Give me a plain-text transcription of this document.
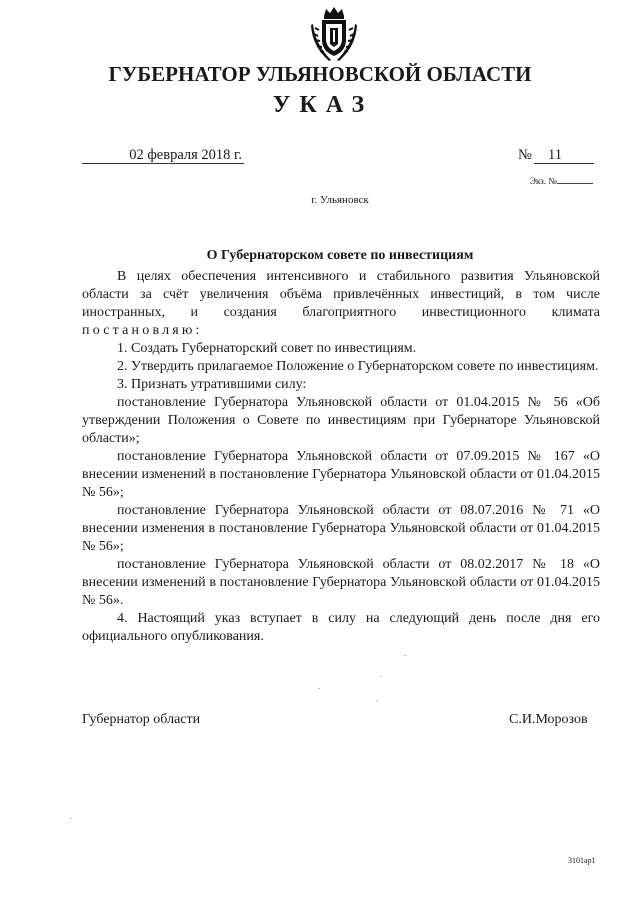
ГУБЕРНАТОР УЛЬЯНОВСКОЙ ОБЛАСТИ
УКАЗ
02 февраля 2018 г.	№ 11
Экз. №
г. Ульяновск
О Губернаторском совете по инвестициям

В целях обеспечения интенсивного и стабильного развития Ульяновской области за счёт увеличения объёма привлечённых инвестиций, в том числе иностранных, и создания благоприятного инвестиционного климата

постановляю:

1. Создать Губернаторский совет по инвестициям.

2. Утвердить прилагаемое Положение о Губернаторском совете по инвестициям.

3. Признать утратившими силу:

постановление Губернатора Ульяновской области от 01.04.2015 № 56 «Об утверждении Положения о Совете по инвестициям при Губернаторе Ульяновской области»;

постановление Губернатора Ульяновской области от 07.09.2015 № 167 «О внесении изменений в постановление Губернатора Ульяновской области от 01.04.2015 № 56»;

постановление Губернатора Ульяновской области от 08.07.2016 № 71 «О внесении изменения в постановление Губернатора Ульяновской области от 01.04.2015 № 56»;

постановление Губернатора Ульяновской области от 08.02.2017 № 18 «О внесении изменений в постановление Губернатора Ульяновской области от 01.04.2015 № 56».

4. Настоящий указ вступает в силу на следующий день после дня его официального опубликования.

Губернатор области	С.И.Морозов
3101ар1
